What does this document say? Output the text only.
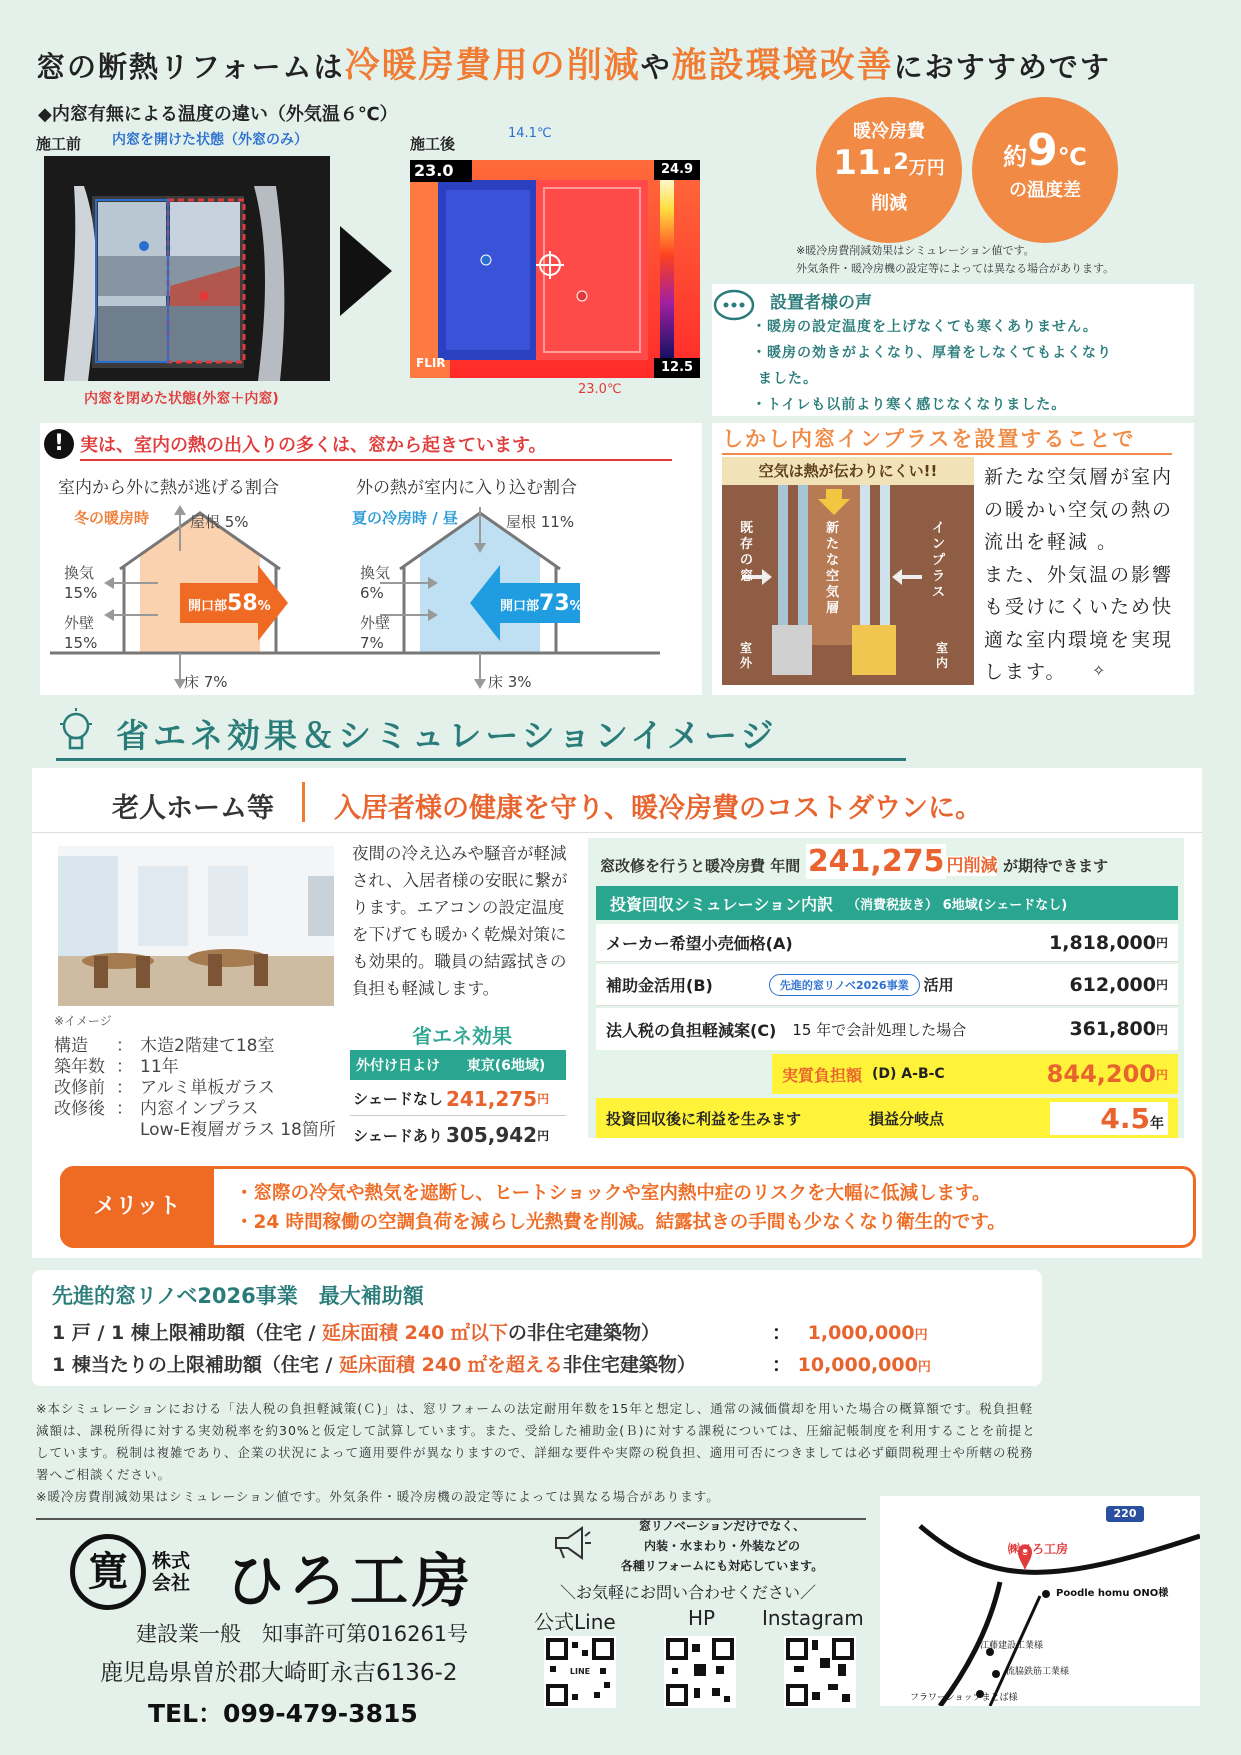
窓の断熱リフォームは冷暖房費用の削減や施設環境改善におすすめです
◆内窓有無による温度の違い（外気温６℃）
施工前 内窓を開けた状態（外窓のみ）	施工後
14.1℃
内窓を閉めた状態(外窓＋内窓)
23.0	24.9
12.5
FLIR
23.0℃
暖冷房費
11.$^2$万円
削減
約9℃
の温度差
※暖冷房費削減効果はシミュレーション値です。
外気条件・暖冷房機の設定等によっては異なる場合があります。
設置者様の声
・暖房の設定温度を上げなくても寒くありません。
・暖房の効きがよくなり、厚着をしなくてもよくなり
ました。
・トイレも以前より寒く感じなくなりました。
! 実は、室内の熱の出入りの多くは、窓から起きています。
室内から外に熱が逃げる割合
冬の暖房時	屋根 5%
換気
15%
外壁
15%
床 7%
開口部58%
外の熱が室内に入り込む割合
夏の冷房時 / 昼	屋根 11%
換気
6%
外壁
7%
床 3%
開口部73%
しかし内窓インプラスを設置することで
空気は熱が伝わりにくい!!
既存の窓
新たな空気層
インプラス
室外
室内
新たな空気層が室内
の暖かい空気の熱の
流出を軽減 。
また、外気温の影響
も受けにくいため快
適な室内環境を実現
します。	✧
省エネ効果＆シミュレーションイメージ
老人ホーム等 入居者様の健康を守り、暖冷房費のコストダウンに。
※イメージ
構造	： 木造2階建て18室
築年数 ： 11年
改修前 ： アルミ単板ガラス
改修後 ： 内窓インプラス
Low-E複層ガラス 18箇所
夜間の冷え込みや騒音が軽減
され、入居者様の安眠に繋が
ります。エアコンの設定温度
を下げても暖かく乾燥対策に
も効果的。職員の結露拭きの
負担も軽減します。
省エネ効果
外付け日よけ	東京(6地域)
シェードなし 241,275 円
シェードあり 305,942 円
窓改修を行うと暖冷房費 年間 241,275 円削減 が期待できます
投資回収シミュレーション内訳 （消費税抜き） 6地域(シェードなし)
メーカー希望小売価格(A)	1,818,000 円
補助金活用(B)	先進的窓リノベ2026事業	活用	612,000 円
法人税の負担軽減案(C) 15 年で会計処理した場合	361,800 円
実質負担額 (D) A-B-C	844,200 円
投資回収後に利益を生みます	損益分岐点	4.5年
メリット
・窓際の冷気や熱気を遮断し、ヒートショックや室内熱中症のリスクを大幅に低減します。
・24 時間稼働の空調負荷を減らし光熱費を削減。結露拭きの手間も少なくなり衛生的です。
先進的窓リノベ2026事業　最大補助額
1 戸 / 1 棟上限補助額（住宅 / 延床面積 240 ㎡以下の非住宅建築物）	： 1,000,000円
1 棟当たりの上限補助額（住宅 / 延床面積 240 ㎡を超える非住宅建築物）	： 10,000,000円
※本シミュレーションにおける「法人税の負担軽減策(Ｃ)」は、窓リフォームの法定耐用年数を15年と想定し、通常の減価償却を用いた場合の概算額です。税負担軽
減額は、課税所得に対する実効税率を約30%と仮定して試算しています。また、受給した補助金(Ｂ)に対する課税については、圧縮記帳制度を利用することを前提と
しています。税制は複雑であり、企業の状況によって適用要件が異なりますので、詳細な要件や実際の税負担、適用可否につきましては必ず顧問税理士や所轄の税務
署へご相談ください。
※暖冷房費削減効果はシミュレーション値です。外気条件・暖冷房機の設定等によっては異なる場合があります。
寛	株式
会社 ひろ工房
建設業一般　知事許可第016261号
鹿児島県曽於郡大崎町永吉6136-2
TEL：099-479-3815
窓リノベーションだけでなく、
内装・水まわり・外装などの
各種リフォームにも対応しています。
＼お気軽にお問い合わせください／
公式Line	HP Instagram
LINE
220
㈱ひろ工房
Poodle homu ONO様
江藤建設工業様
流脇鉄筋工業様
フラワーショップまとば様
